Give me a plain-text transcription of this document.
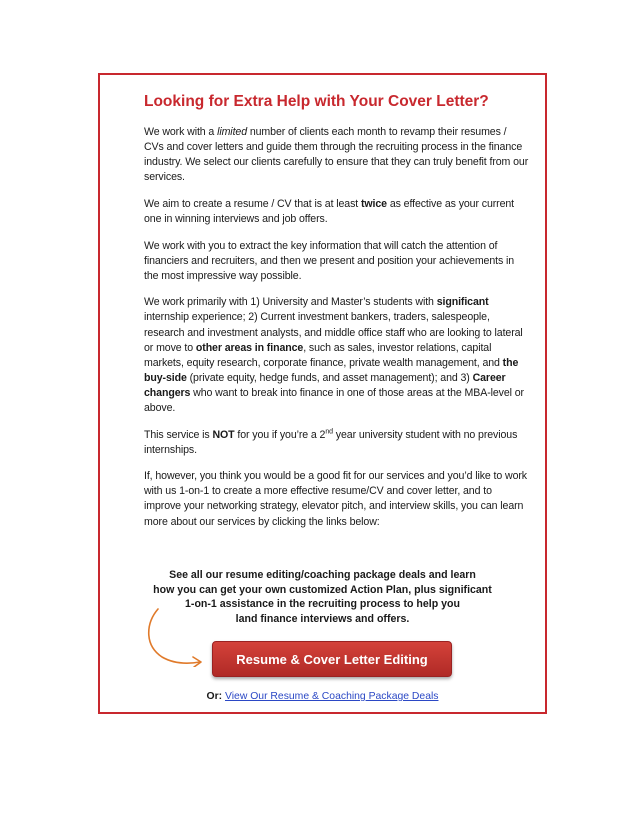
Looking for Extra Help with Your Cover Letter?

We work with a limited number of clients each month to revamp their resumes / CVs and cover letters and guide them through the recruiting process in the finance industry. We select our clients carefully to ensure that they can truly benefit from our services.

We aim to create a resume / CV that is at least twice as effective as your current one in winning interviews and job offers.

We work with you to extract the key information that will catch the attention of financiers and recruiters, and then we present and position your achievements in the most impressive way possible.

We work primarily with 1) University and Master’s students with significant internship experience; 2) Current investment bankers, traders, salespeople, research and investment analysts, and middle office staff who are looking to lateral or move to other areas in finance, such as sales, investor relations, capital markets, equity research, corporate finance, private wealth management, and the buy-side (private equity, hedge funds, and asset management); and 3) Career changers who want to break into finance in one of those areas at the MBA-level or above.

This service is NOT for you if you’re a 2nd year university student with no previous internships.

If, however, you think you would be a good fit for our services and you’d like to work with us 1-on-1 to create a more effective resume/CV and cover letter, and to improve your networking strategy, elevator pitch, and interview skills, you can learn more about our services by clicking the links below:

See all our resume editing/coaching package deals and learn
how you can get your own customized Action Plan, plus significant
1-on-1 assistance in the recruiting process to help you
land finance interviews and offers.
Resume & Cover Letter Editing
Or: View Our Resume & Coaching Package Deals
